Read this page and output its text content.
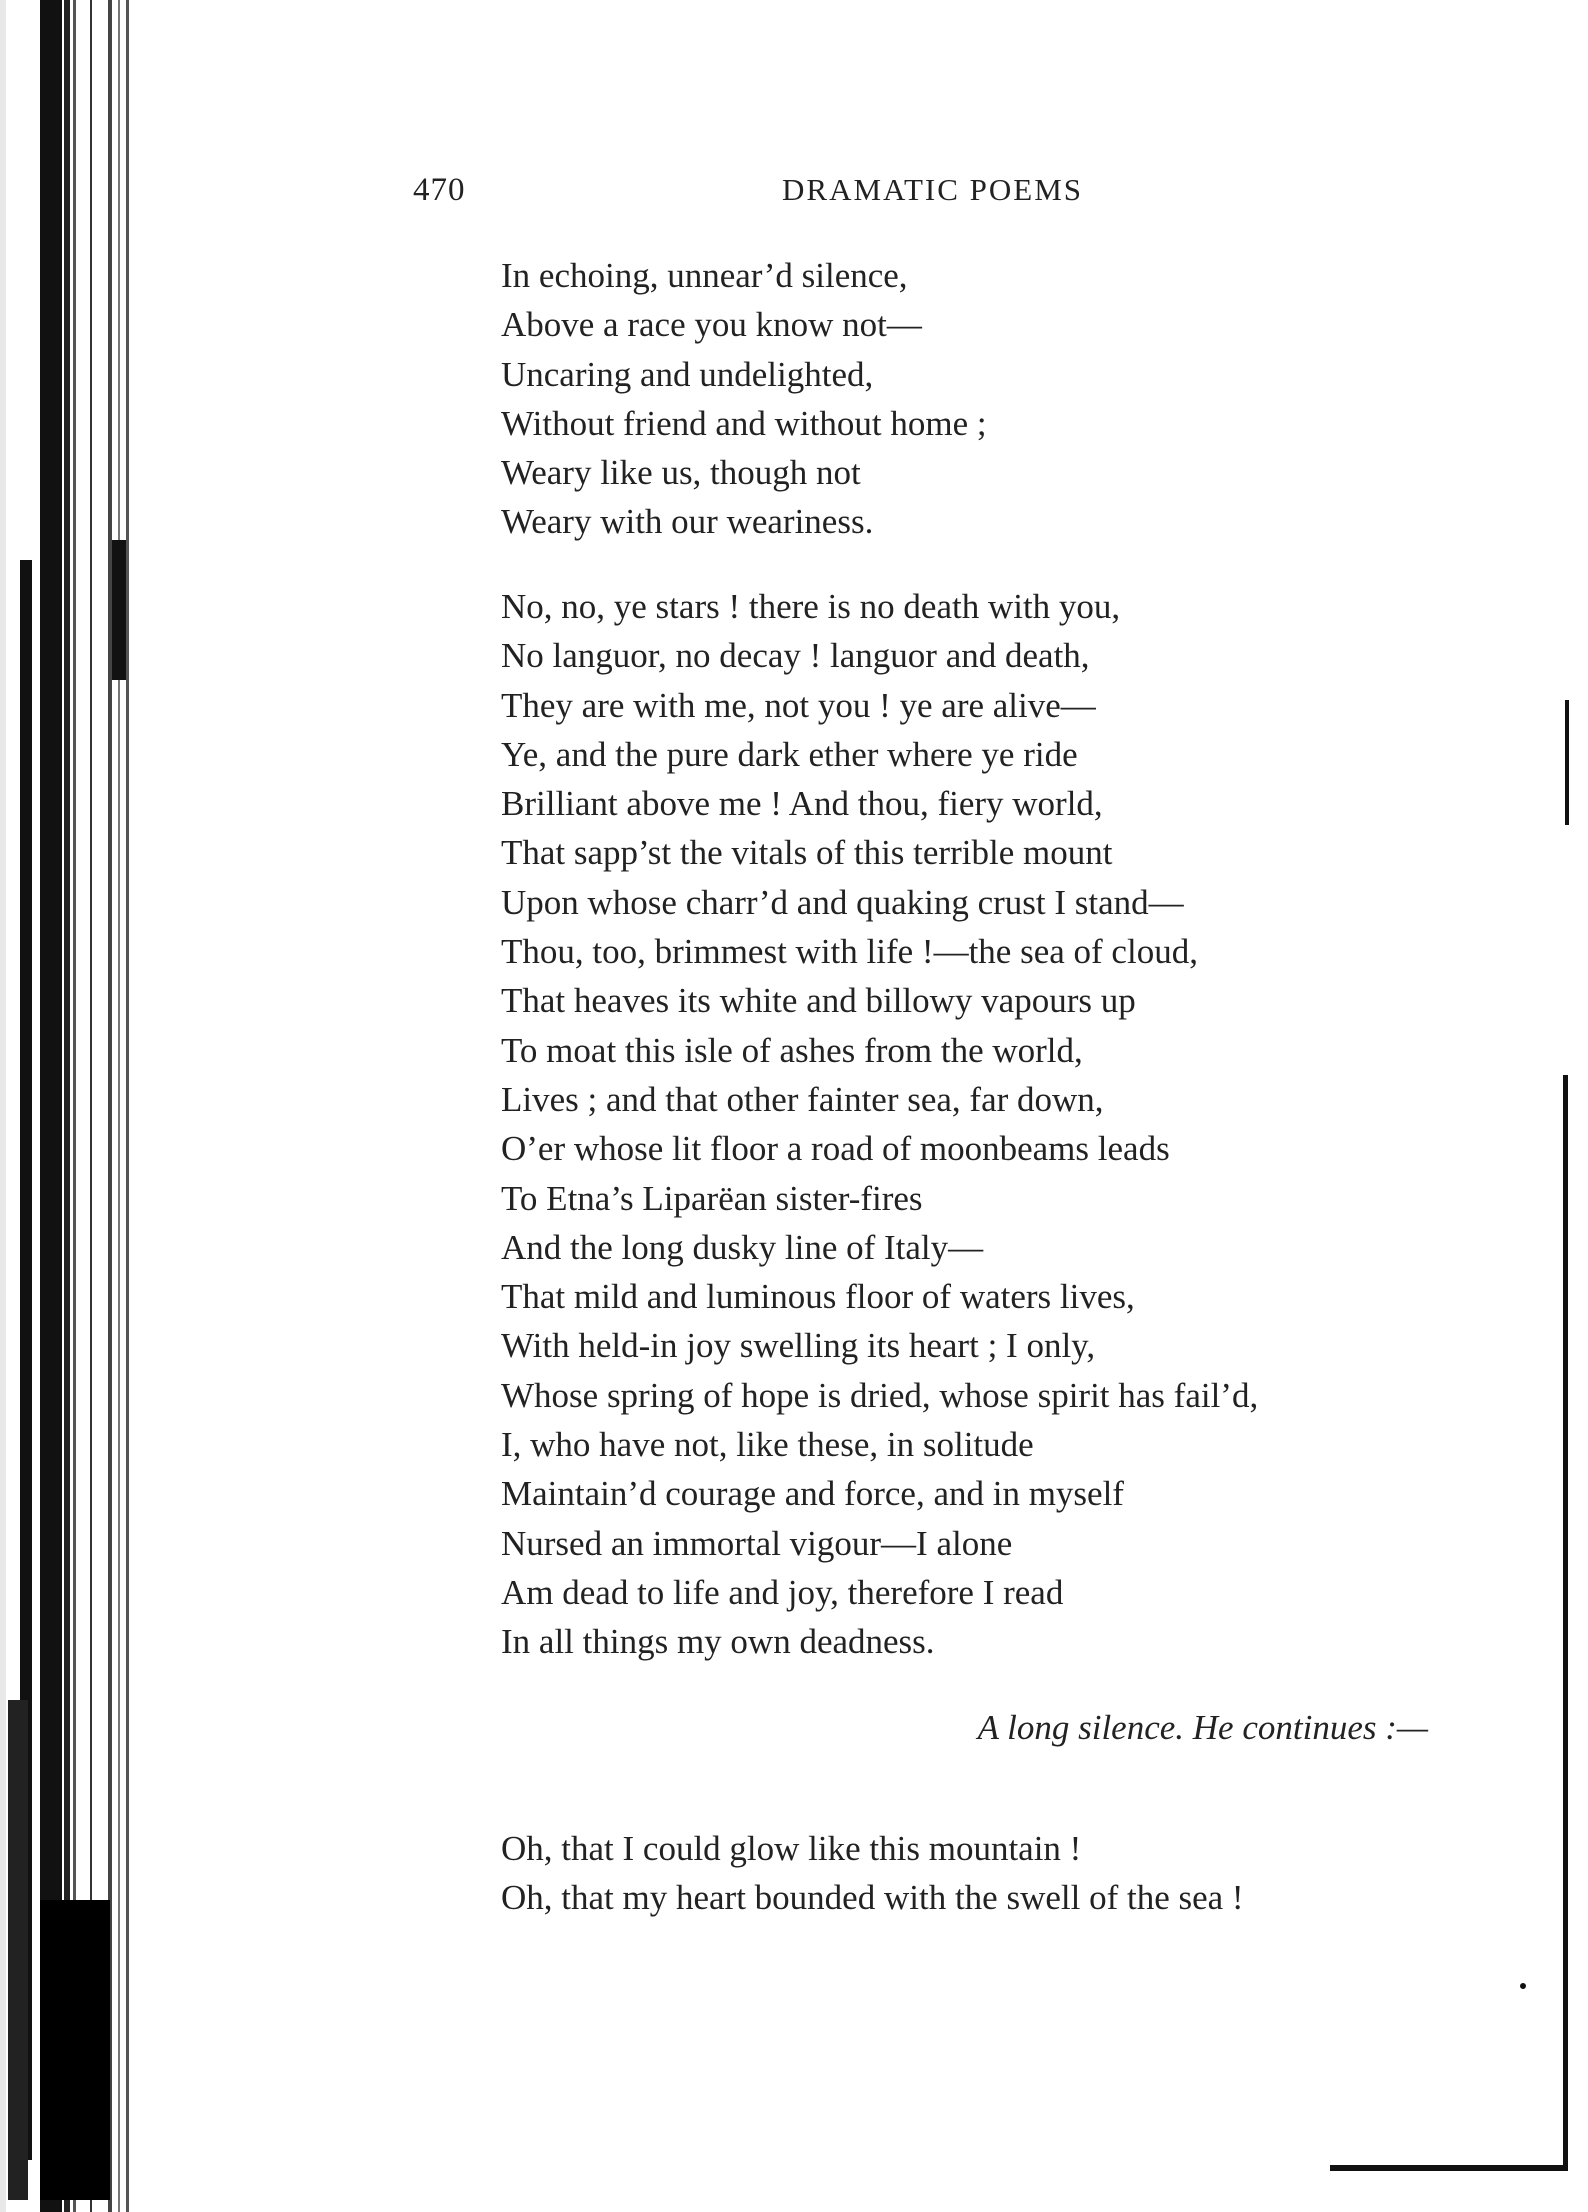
470	DRAMATIC POEMS
In echoing, unnear’d silence,
Above a race you know not—
Uncaring and undelighted,
Without friend and without home ;
Weary like us, though not
Weary with our weariness.
No, no, ye stars ! there is no death with you,
No languor, no decay ! languor and death,
They are with me, not you ! ye are alive—
Ye, and the pure dark ether where ye ride
Brilliant above me ! And thou, fiery world,
That sapp’st the vitals of this terrible mount
Upon whose charr’d and quaking crust I stand—
Thou, too, brimmest with life !—the sea of cloud,
That heaves its white and billowy vapours up
To moat this isle of ashes from the world,
Lives ; and that other fainter sea, far down,
O’er whose lit floor a road of moonbeams leads
To Etna’s Liparëan sister-fires
And the long dusky line of Italy—
That mild and luminous floor of waters lives,
With held-in joy swelling its heart ; I only,
Whose spring of hope is dried, whose spirit has fail’d,
I, who have not, like these, in solitude
Maintain’d courage and force, and in myself
Nursed an immortal vigour—I alone
Am dead to life and joy, therefore I read
In all things my own deadness.
A long silence. He continues :—
Oh, that I could glow like this mountain !
Oh, that my heart bounded with the swell of the sea !
